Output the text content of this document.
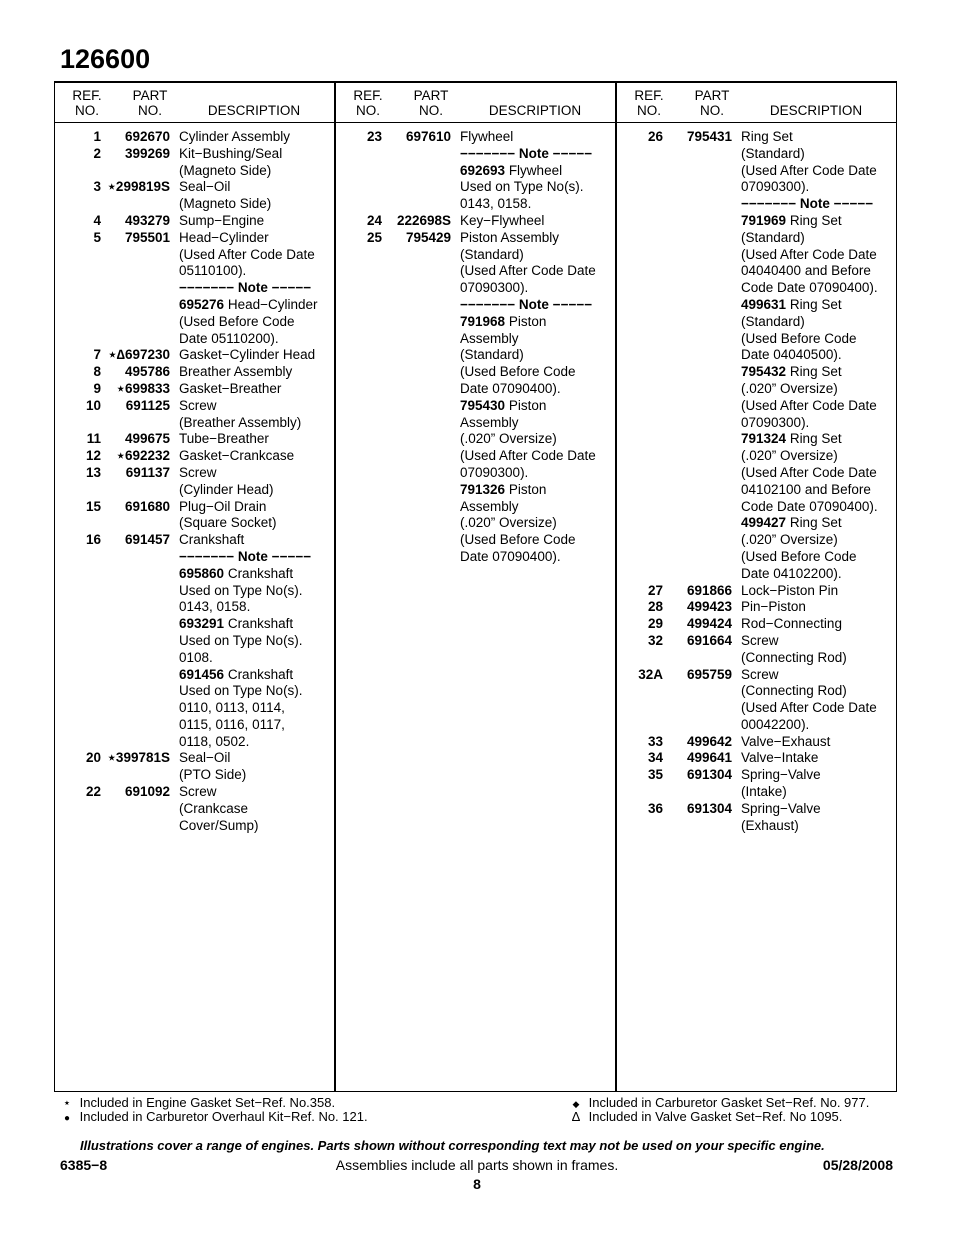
126600
REF.
NO.
PART
NO.	DESCRIPTION
1	692670 Cylinder Assembly
2	399269 Kit−Bushing/Seal
(Magneto Side)
3 ⋆299819S Seal−Oil
(Magneto Side)
4	493279 Sump−Engine
5	795501 Head−Cylinder
(Used After Code Date
05110100).
−−−−−−− Note −−−−−
695276 Head−Cylinder
(Used Before Code
Date 05110200).
7 ⋆∆697230 Gasket−Cylinder Head
8	495786 Breather Assembly
9	⋆699833 Gasket−Breather
10	691125 Screw
(Breather Assembly)
11	499675 Tube−Breather
12	⋆692232 Gasket−Crankcase
13	691137 Screw
(Cylinder Head)
15	691680 Plug−Oil Drain
(Square Socket)
16	691457 Crankshaft
−−−−−−− Note −−−−−
695860 Crankshaft
Used on Type No(s).
0143, 0158.
693291 Crankshaft
Used on Type No(s).
0108.
691456 Crankshaft
Used on Type No(s).
0110, 0113, 0114,
0115, 0116, 0117,
0118, 0502.
20 ⋆399781S Seal−Oil
(PTO Side)
22	691092 Screw
(Crankcase
Cover/Sump)
REF.
NO.
PART
NO.	DESCRIPTION
23	697610 Flywheel
−−−−−−− Note −−−−−
692693 Flywheel
Used on Type No(s).
0143, 0158.
24	222698S Key−Flywheel
25	795429 Piston Assembly
(Standard)
(Used After Code Date
07090300).
−−−−−−− Note −−−−−
791968 Piston
Assembly
(Standard)
(Used Before Code
Date 07090400).
795430 Piston
Assembly
(.020” Oversize)
(Used After Code Date
07090300).
791326 Piston
Assembly
(.020” Oversize)
(Used Before Code
Date 07090400).
REF.
NO.
PART
NO.	DESCRIPTION
26	795431 Ring Set
(Standard)
(Used After Code Date
07090300).
−−−−−−− Note −−−−−
791969 Ring Set
(Standard)
(Used After Code Date
04040400 and Before
Code Date 07090400).
499631 Ring Set
(Standard)
(Used Before Code
Date 04040500).
795432 Ring Set
(.020” Oversize)
(Used After Code Date
07090300).
791324 Ring Set
(.020” Oversize)
(Used After Code Date
04102100 and Before
Code Date 07090400).
499427 Ring Set
(.020” Oversize)
(Used Before Code
Date 04102200).
27	691866 Lock−Piston Pin
28	499423 Pin−Piston
29	499424 Rod−Connecting
32	691664 Screw
(Connecting Rod)
32A	695759 Screw
(Connecting Rod)
(Used After Code Date
00042200).
33	499642 Valve−Exhaust
34	499641 Valve−Intake
35	691304 Spring−Valve
(Intake)
36	691304 Spring−Valve
(Exhaust)
⋆ Included in Engine Gasket Set−Ref. No.358.
● Included in Carburetor Overhaul Kit−Ref. No. 121.
◆ Included in Carburetor Gasket Set−Ref. No. 977.
∆ Included in Valve Gasket Set−Ref. No 1095.
Illustrations cover a range of engines. Parts shown without corresponding text may not be used on your specific engine.
6385−8	Assemblies include all parts shown in frames.	05/28/2008
8
